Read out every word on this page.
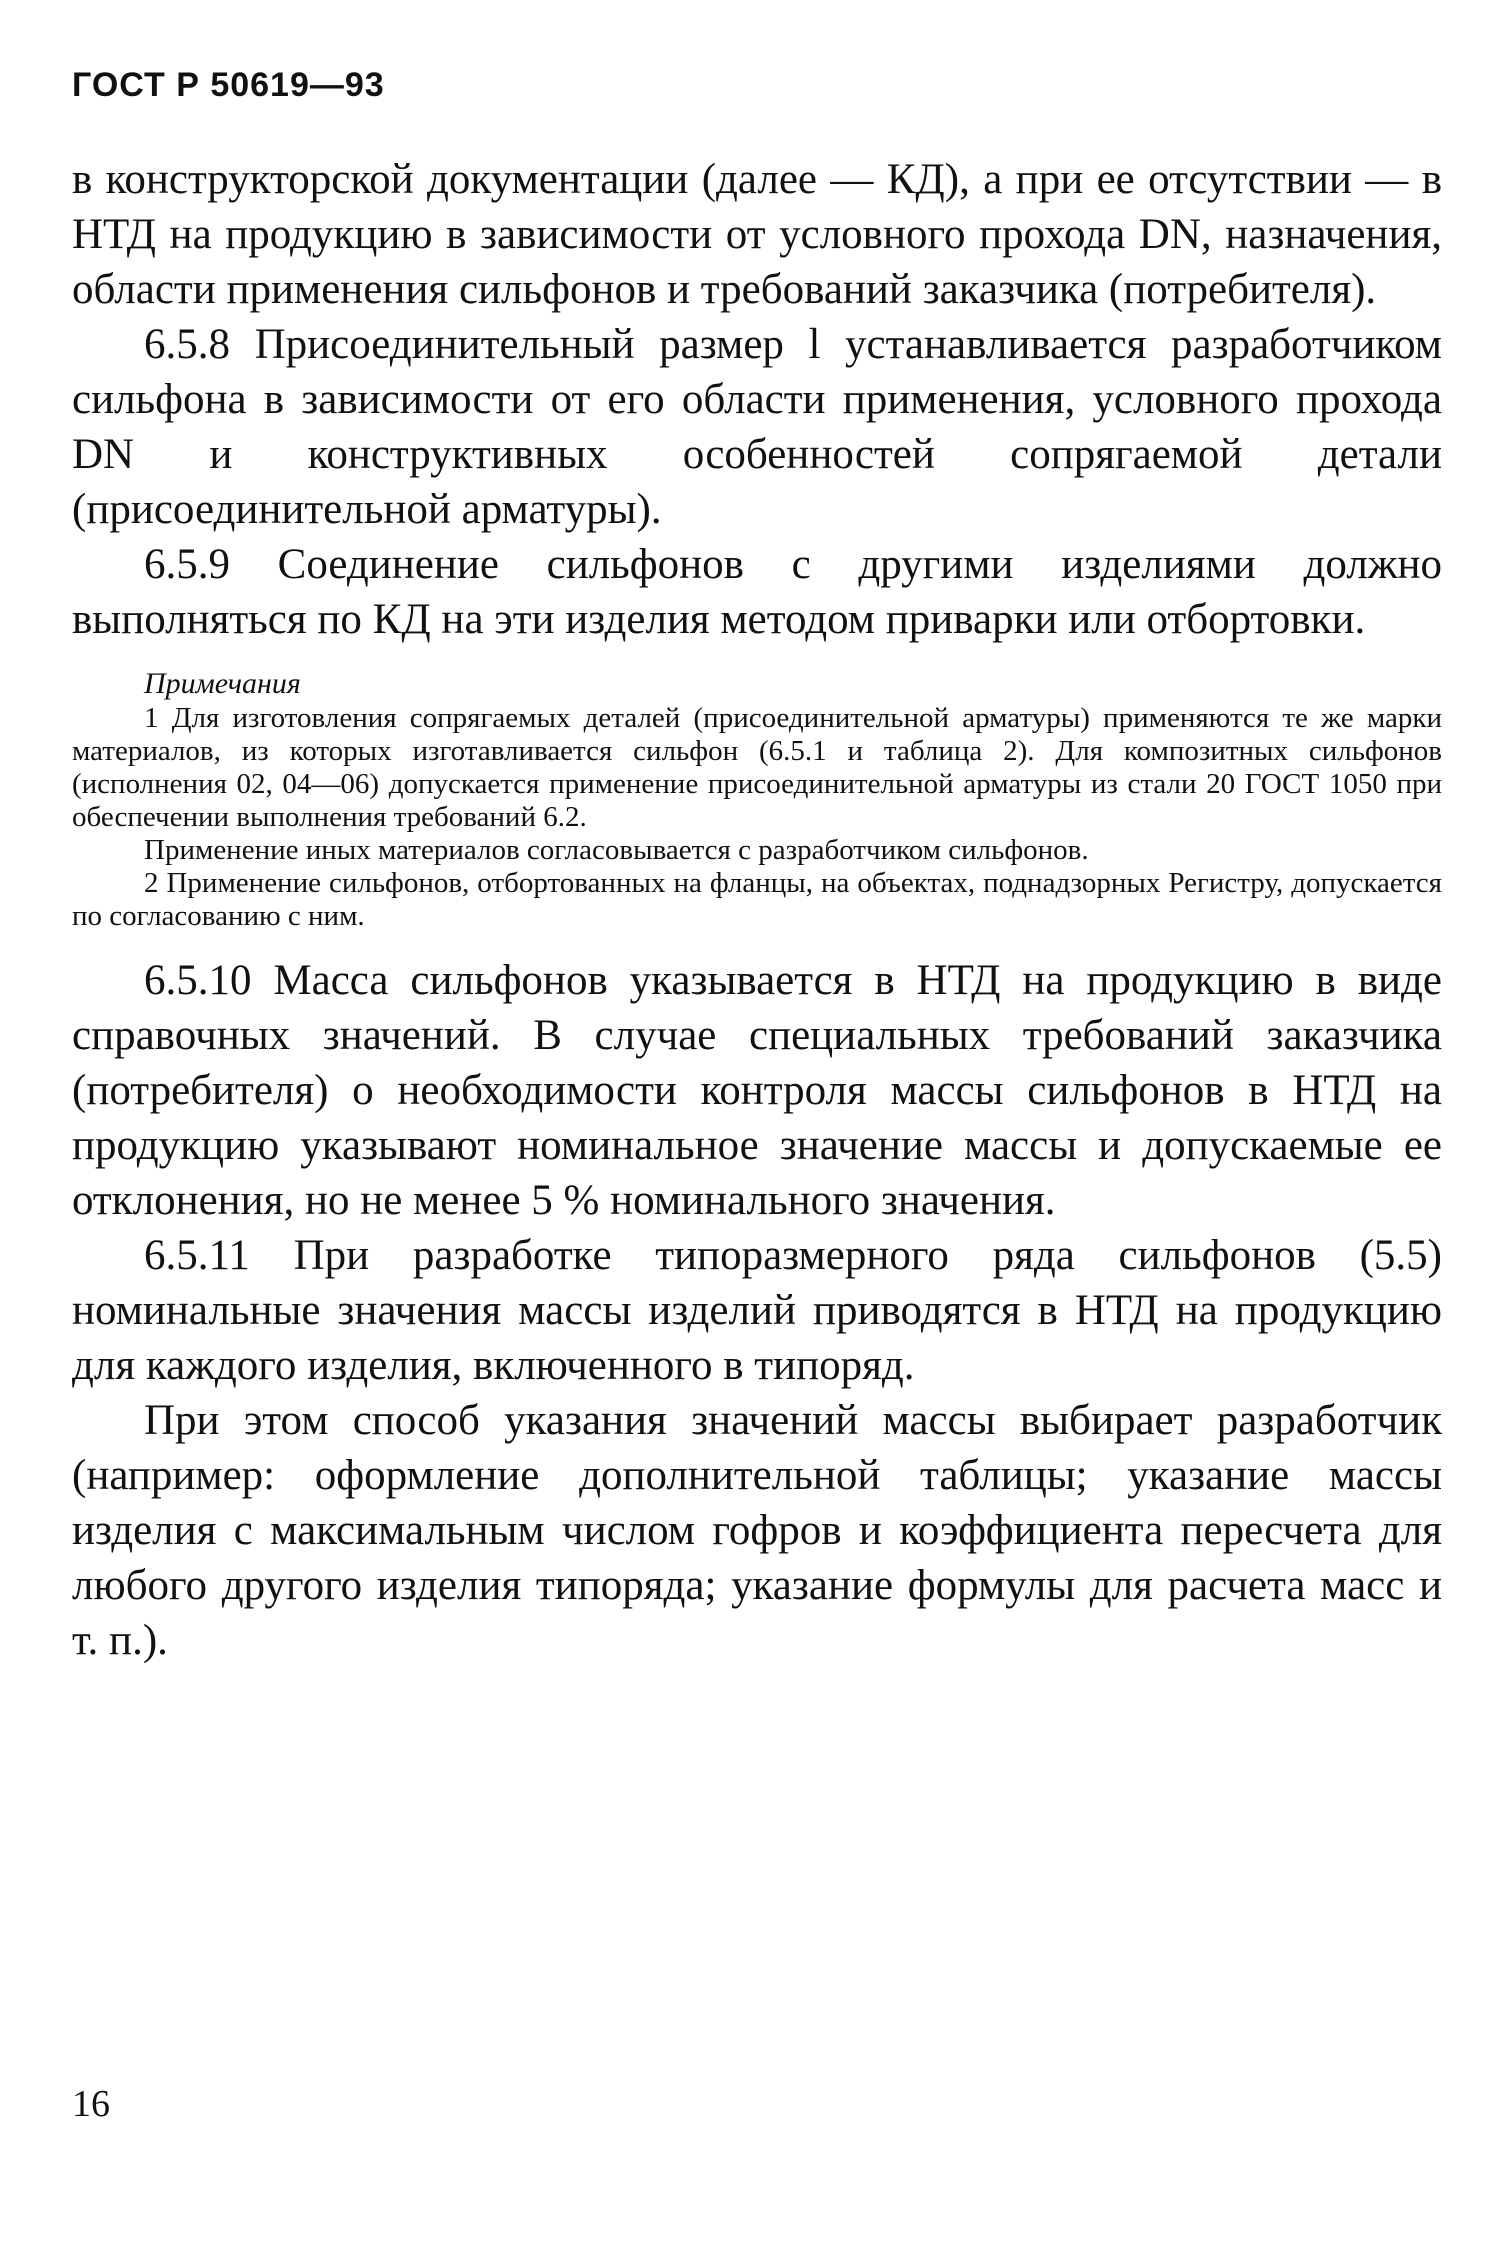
ГОСТ Р 50619—93

в конструкторской документации (далее — КД), а при ее отсутствии — в НТД на продукцию в зависимости от условного прохода DN, назначения, области применения сильфонов и требований заказчика (потребителя).

6.5.8 Присоединительный размер l устанавливается разработчиком сильфона в зависимости от его области применения, условного прохода DN и конструктивных особенностей сопрягаемой детали (присоединительной арматуры).

6.5.9 Соединение сильфонов с другими изделиями должно выполняться по КД на эти изделия методом приварки или отбортовки.

Примечания

1 Для изготовления сопрягаемых деталей (присоединительной арматуры) применяются те же марки материалов, из которых изготавливается сильфон (6.5.1 и таблица 2). Для композитных сильфонов (исполнения 02, 04—06) допускается применение присоединительной арматуры из стали 20 ГОСТ 1050 при обеспечении выполнения требований 6.2.

Применение иных материалов согласовывается с разработчиком сильфонов.

2 Применение сильфонов, отбортованных на фланцы, на объектах, поднадзорных Регистру, допускается по согласованию с ним.

6.5.10 Масса сильфонов указывается в НТД на продукцию в виде справочных значений. В случае специальных требований заказчика (потребителя) о необходимости контроля массы сильфонов в НТД на продукцию указывают номинальное значение массы и допускаемые ее отклонения, но не менее 5 % номинального значения.

6.5.11 При разработке типоразмерного ряда сильфонов (5.5) номинальные значения массы изделий приводятся в НТД на продукцию для каждого изделия, включенного в типоряд.

При этом способ указания значений массы выбирает разработчик (например: оформление дополнительной таблицы; указание массы изделия с максимальным числом гофров и коэффициента пересчета для любого другого изделия типоряда; указание формулы для расчета масс и т. п.).

16
